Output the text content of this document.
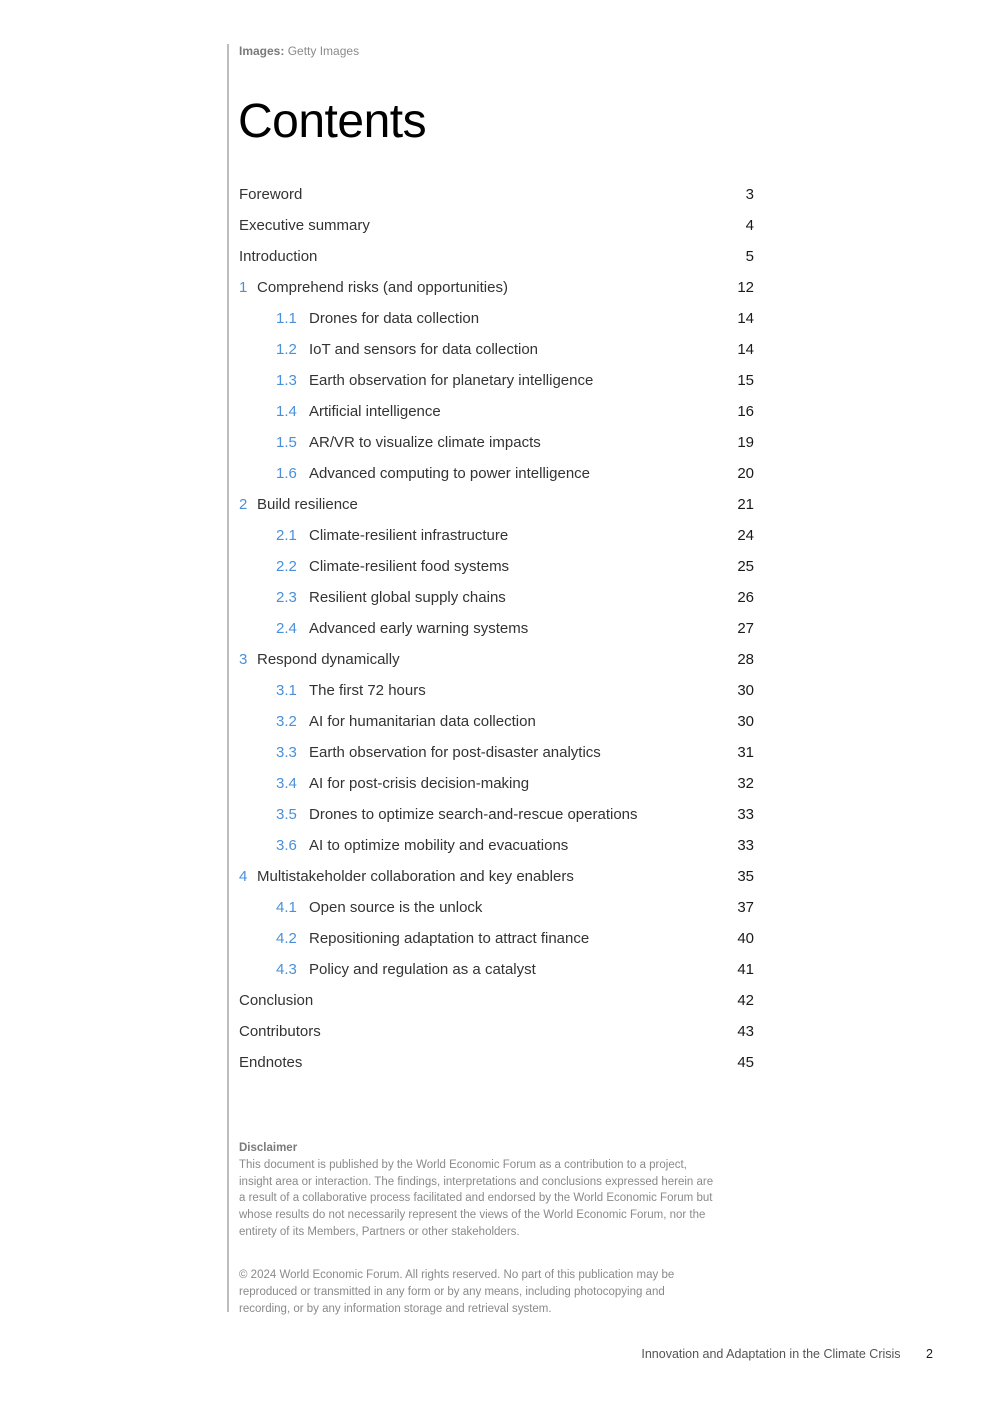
Images: Getty Images
Contents
Foreword	3
Executive summary	4
Introduction	5
1 Comprehend risks (and opportunities)	12
1.1 Drones for data collection	14
1.2 IoT and sensors for data collection	14
1.3 Earth observation for planetary intelligence	15
1.4 Artificial intelligence	16
1.5 AR/VR to visualize climate impacts	19
1.6 Advanced computing to power intelligence	20
2 Build resilience	21
2.1 Climate-resilient infrastructure	24
2.2 Climate-resilient food systems	25
2.3 Resilient global supply chains	26
2.4 Advanced early warning systems	27
3 Respond dynamically	28
3.1 The first 72 hours	30
3.2 AI for humanitarian data collection	30
3.3 Earth observation for post-disaster analytics	31
3.4 AI for post-crisis decision-making	32
3.5 Drones to optimize search-and-rescue operations	33
3.6 AI to optimize mobility and evacuations	33
4 Multistakeholder collaboration and key enablers	35
4.1 Open source is the unlock	37
4.2 Repositioning adaptation to attract finance	40
4.3 Policy and regulation as a catalyst	41
Conclusion	42
Contributors	43
Endnotes	45
Disclaimer
This document is published by the World Economic Forum as a contribution to a project, insight area or interaction. The findings, interpretations and conclusions expressed herein are a result of a collaborative process facilitated and endorsed by the World Economic Forum but whose results do not necessarily represent the views of the World Economic Forum, nor the entirety of its Members, Partners or other stakeholders.
© 2024 World Economic Forum. All rights reserved. No part of this publication may be reproduced or transmitted in any form or by any means, including photocopying and recording, or by any information storage and retrieval system.
Innovation and Adaptation in the Climate Crisis 2
